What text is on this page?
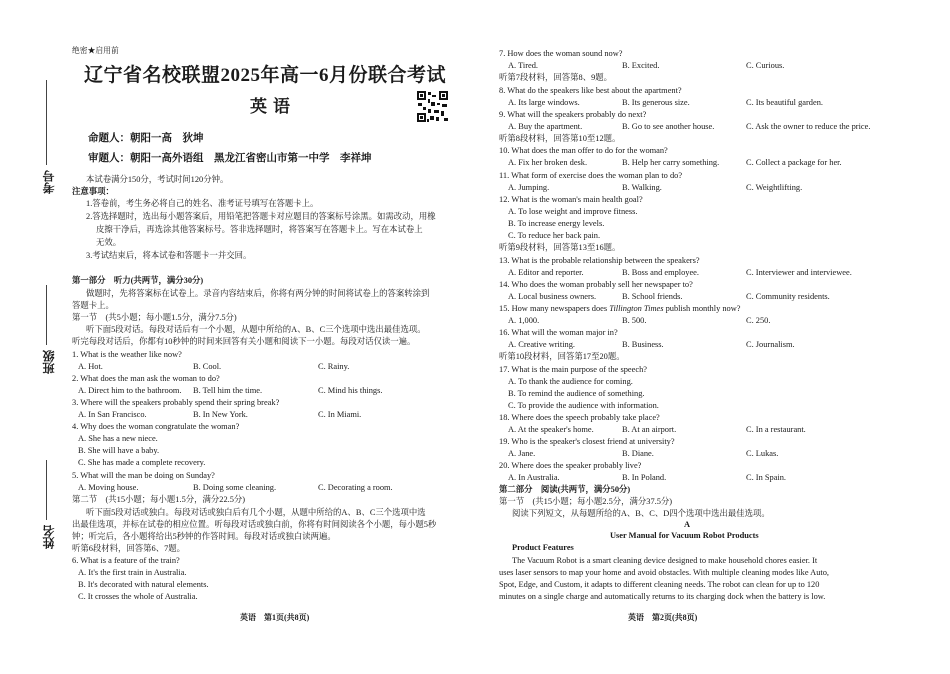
绝密★启用前
辽宁省名校联盟2025年高一6月份联合考试
英语
命题人：朝阳一高　狄坤
审题人：朝阳一高外语组　黑龙江省密山市第一中学　李祥坤
本试卷满分150分，考试时间120分钟。
注意事项：
1.答卷前，考生务必将自己的姓名、准考证号填写在答题卡上。
2.答选择题时，选出每小题答案后，用铅笔把答题卡对应题目的答案标号涂黑。如需改动，用橡
皮擦干净后，再选涂其他答案标号。答非选择题时，将答案写在答题卡上。写在本试卷上
无效。
3.考试结束后，将本试卷和答题卡一并交回。
第一部分　听力(共两节，满分30分)
做题时，先将答案标在试卷上。录音内容结束后，你将有两分钟的时间将试卷上的答案转涂到
答题卡上。
第一节　(共5小题；每小题1.5分，满分7.5分)
听下面5段对话。每段对话后有一个小题，从题中所给的A、B、C三个选项中选出最佳选项。
听完每段对话后，你都有10秒钟的时间来回答有关小题和阅读下一小题。每段对话仅读一遍。
1. What is the weather like now?
A. Hot.	B. Cool.	C. Rainy.
2. What does the man ask the woman to do?
A. Direct him to the bathroom. B. Tell him the time.	C. Mind his things.
3. Where will the speakers probably spend their spring break?
A. In San Francisco.	B. In New York.	C. In Miami.
4. Why does the woman congratulate the woman?
A. She has a new niece.
B. She will have a baby.
C. She has made a complete recovery.
5. What will the man be doing on Sunday?
A. Moving house.	B. Doing some cleaning.	C. Decorating a room.
第二节　(共15小题；每小题1.5分，满分22.5分)
听下面5段对话或独白。每段对话或独白后有几个小题，从题中所给的A、B、C三个选项中选
出最佳选项，并标在试卷的相应位置。听每段对话或独白前，你将有时间阅读各个小题，每小题5秒
钟；听完后，各小题将给出5秒钟的作答时间。每段对话或独白读两遍。
听第6段材料，回答第6、7题。
6. What is a feature of the train?
A. It's the first train in Australia.
B. It's decorated with natural elements.
C. It crosses the whole of Australia.
英语　第1页(共8页)
考号
班级
姓名
7. How does the woman sound now?
A. Tired.	B. Excited.	C. Curious.
听第7段材料，回答第8、9题。
8. What do the speakers like best about the apartment?
A. Its large windows.	B. Its generous size.	C. Its beautiful garden.
9. What will the speakers probably do next?
A. Buy the apartment.	B. Go to see another house.	C. Ask the owner to reduce the price.
听第8段材料，回答第10至12题。
10. What does the man offer to do for the woman?
A. Fix her broken desk.	B. Help her carry something.	C. Collect a package for her.
11. What form of exercise does the woman plan to do?
A. Jumping.	B. Walking.	C. Weightlifting.
12. What is the woman's main health goal?
A. To lose weight and improve fitness.
B. To increase energy levels.
C. To reduce her back pain.
听第9段材料，回答第13至16题。
13. What is the probable relationship between the speakers?
A. Editor and reporter.	B. Boss and employee.	C. Interviewer and interviewee.
14. Who does the woman probably sell her newspaper to?
A. Local business owners.	B. School friends.	C. Community residents.
15. How many newspapers does Tillington Times publish monthly now?
A. 1,000.	B. 500.	C. 250.
16. What will the woman major in?
A. Creative writing.	B. Business.	C. Journalism.
听第10段材料，回答第17至20题。
17. What is the main purpose of the speech?
A. To thank the audience for coming.
B. To remind the audience of something.
C. To provide the audience with information.
18. Where does the speech probably take place?
A. At the speaker's home.	B. At an airport.	C. In a restaurant.
19. Who is the speaker's closest friend at university?
A. Jane.	B. Diane.	C. Lukas.
20. Where does the speaker probably live?
A. In Australia.	B. In Poland.	C. In Spain.
第二部分　阅读(共两节，满分50分)
第一节　(共15小题；每小题2.5分，满分37.5分)
阅读下列短文，从每题所给的A、B、C、D四个选项中选出最佳选项。
A
User Manual for Vacuum Robot Products
Product Features
The Vacuum Robot is a smart cleaning device designed to make household chores easier. It
uses laser sensors to map your home and avoid obstacles. With multiple cleaning modes like Auto,
Spot, Edge, and Custom, it adapts to different cleaning needs. The robot can clean for up to 120
minutes on a single charge and automatically returns to its charging dock when the battery is low.
英语　第2页(共8页)
